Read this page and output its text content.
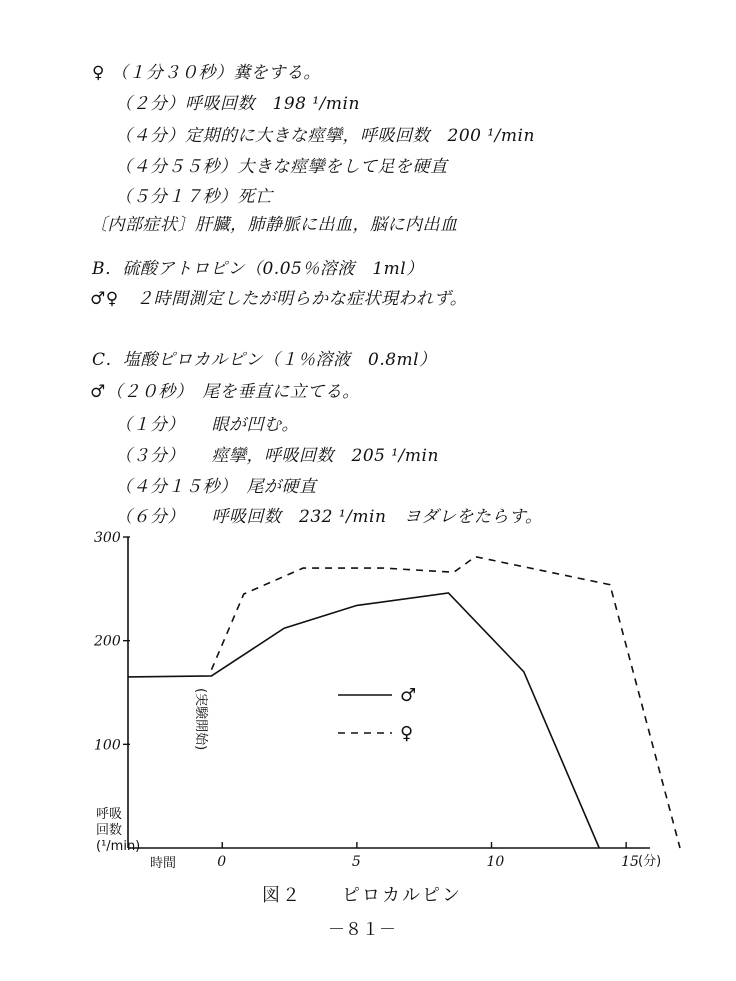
♀ （１分３０秒）糞をする。
（２分）呼吸回数　198 ¹/min
（４分）定期的に大きな痙攣，呼吸回数　200 ¹/min
（４分５５秒）大きな痙攣をして足を硬直
（５分１７秒）死亡
〔内部症状〕肝臓，肺静脈に出血，脳に内出血
B．硫酸アトロピン（0.05％溶液　1ml）
♂♀　２時間測定したが明らかな症状現われず。
C．塩酸ピロカルピン（１％溶液　0.8ml）
♂（２０秒）　尾を垂直に立てる。
（１分）　　眼が凹む。
（３分）　　痙攣，呼吸回数　205 ¹/min
（４分１５秒）　尾が硬直
（６分）　　呼吸回数　232 ¹/min　ヨダレをたらす。
100
200
300
0	5	10	15
時間	(分)
呼吸
回数
(¹/min)
(実験開始)	♂
♀
図２　　ピロカルピン
－８１－
